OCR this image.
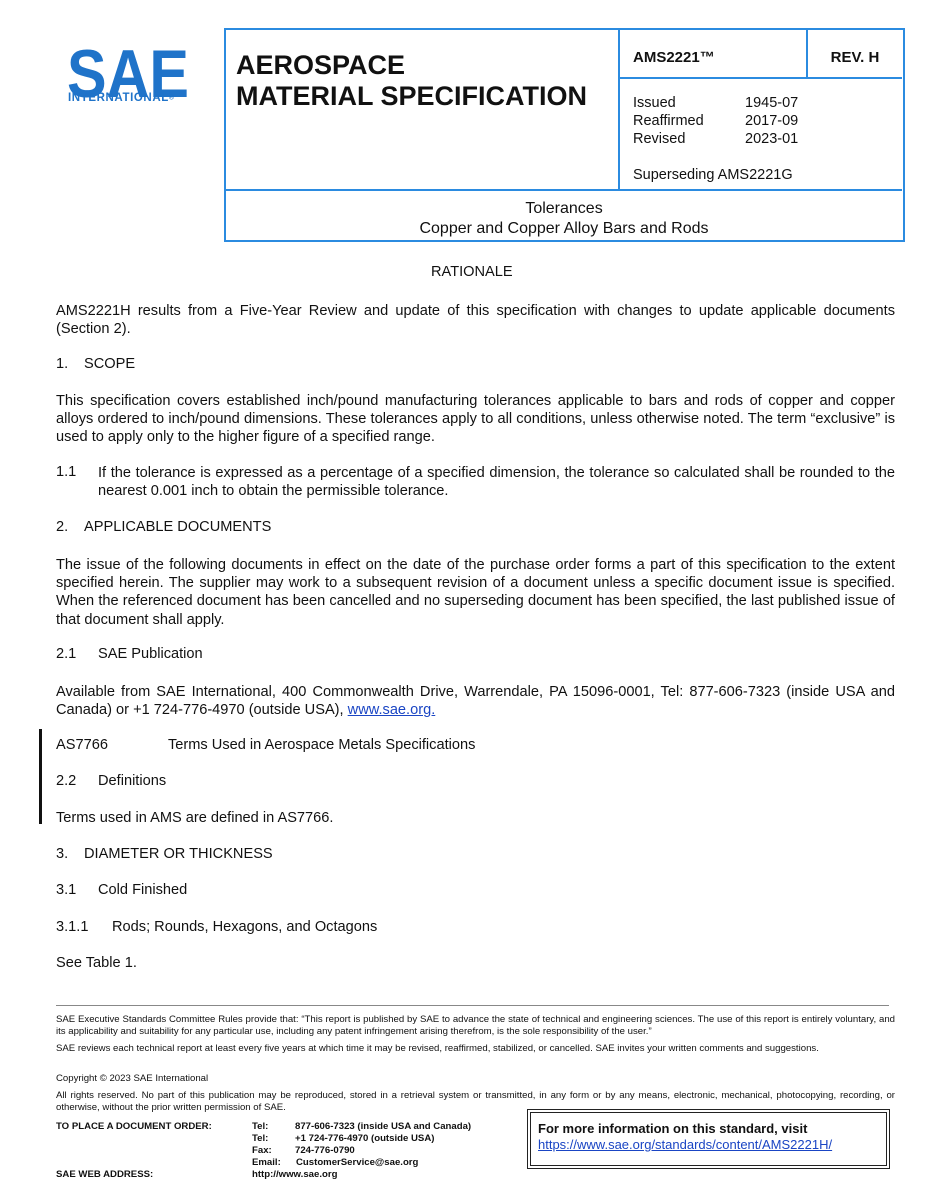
SAE
INTERNATIONAL®
AEROSPACE
MATERIAL SPECIFICATION
AMS2221™	REV. H
Issued	1945-07
Reaffirmed	2017-09
Revised	2023-01
Superseding AMS2221G
Tolerances
Copper and Copper Alloy Bars and Rods
RATIONALE
AMS2221H results from a Five-Year Review and update of this specification with changes to update applicable documents (Section 2).
1. SCOPE
This specification covers established inch/pound manufacturing tolerances applicable to bars and rods of copper and copper alloys ordered to inch/pound dimensions. These tolerances apply to all conditions, unless otherwise noted. The term “exclusive” is used to apply only to the higher figure of a specified range.
1.1 If the tolerance is expressed as a percentage of a specified dimension, the tolerance so calculated shall be rounded to the nearest 0.001 inch to obtain the permissible tolerance.
2. APPLICABLE DOCUMENTS
The issue of the following documents in effect on the date of the purchase order forms a part of this specification to the extent specified herein. The supplier may work to a subsequent revision of a document unless a specific document issue is specified. When the referenced document has been cancelled and no superseding document has been specified, the last published issue of that document shall apply.
2.1 SAE Publication
Available from SAE International, 400 Commonwealth Drive, Warrendale, PA 15096-0001, Tel: 877-606-7323 (inside USA and Canada) or +1 724-776-4970 (outside USA), www.sae.org.
AS7766	Terms Used in Aerospace Metals Specifications
2.2 Definitions
Terms used in AMS are defined in AS7766.
3. DIAMETER OR THICKNESS
3.1 Cold Finished
3.1.1 Rods; Rounds, Hexagons, and Octagons
See Table 1.
SAE Executive Standards Committee Rules provide that: “This report is published by SAE to advance the state of technical and engineering sciences. The use of this report is entirely voluntary, and its applicability and suitability for any particular use, including any patent infringement arising therefrom, is the sole responsibility of the user.”
SAE reviews each technical report at least every five years at which time it may be revised, reaffirmed, stabilized, or cancelled. SAE invites your written comments and suggestions.
Copyright © 2023 SAE International
All rights reserved. No part of this publication may be reproduced, stored in a retrieval system or transmitted, in any form or by any means, electronic, mechanical, photocopying, recording, or otherwise, without the prior written permission of SAE.
TO PLACE A DOCUMENT ORDER:	Tel:	877-606-7323 (inside USA and Canada)
Tel:	+1 724-776-4970 (outside USA)
Fax: 724-776-0790
Email: CustomerService@sae.org
SAE WEB ADDRESS:	http://www.sae.org
For more information on this standard, visit
https://www.sae.org/standards/content/AMS2221H/
